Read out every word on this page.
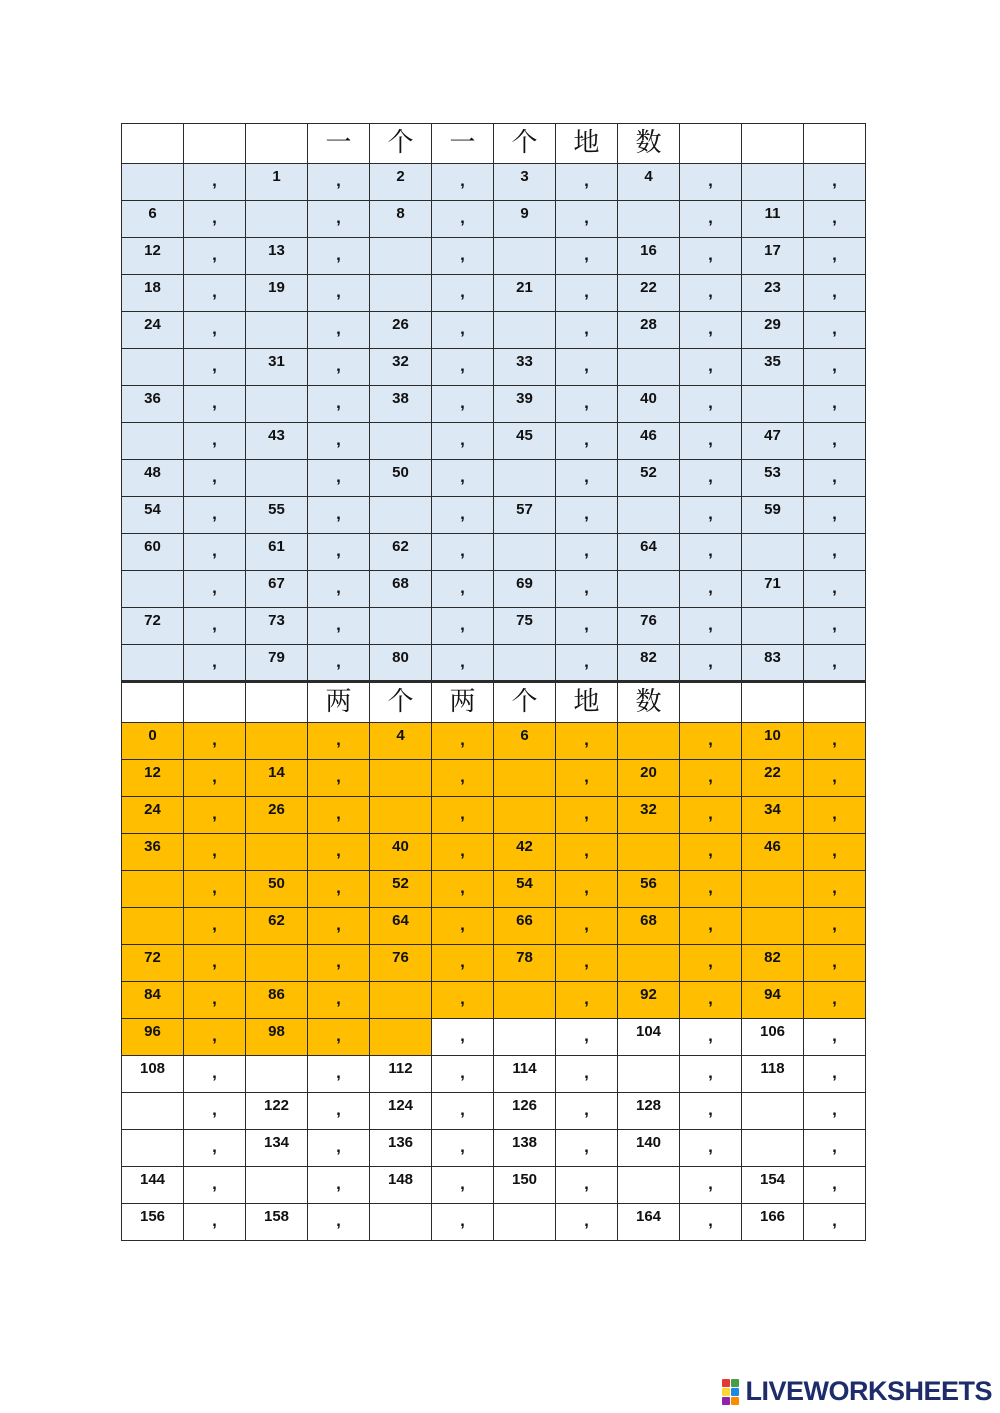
			一	个	一	个	地	数			
	,	1	,	2	,	3	,	4	,		,
6	,		,	8	,	9	,		,	11	,
12	,	13	,		,		,	16	,	17	,
18	,	19	,		,	21	,	22	,	23	,
24	,		,	26	,		,	28	,	29	,
	,	31	,	32	,	33	,		,	35	,
36	,		,	38	,	39	,	40	,		,
	,	43	,		,	45	,	46	,	47	,
48	,		,	50	,		,	52	,	53	,
54	,	55	,		,	57	,		,	59	,
60	,	61	,	62	,		,	64	,		,
	,	67	,	68	,	69	,		,	71	,
72	,	73	,		,	75	,	76	,		,
	,	79	,	80	,		,	82	,	83	,
			两	个	两	个	地	数			
0	,		,	4	,	6	,		,	10	,
12	,	14	,		,		,	20	,	22	,
24	,	26	,		,		,	32	,	34	,
36	,		,	40	,	42	,		,	46	,
	,	50	,	52	,	54	,	56	,		,
	,	62	,	64	,	66	,	68	,		,
72	,		,	76	,	78	,		,	82	,
84	,	86	,		,		,	92	,	94	,
96	,	98	,		,		,	104	,	106	,
108	,		,	112	,	114	,		,	118	,
	,	122	,	124	,	126	,	128	,		,
	,	134	,	136	,	138	,	140	,		,
144	,		,	148	,	150	,		,	154	,
156	,	158	,		,		,	164	,	166	,
LIVEWORKSHEETS
